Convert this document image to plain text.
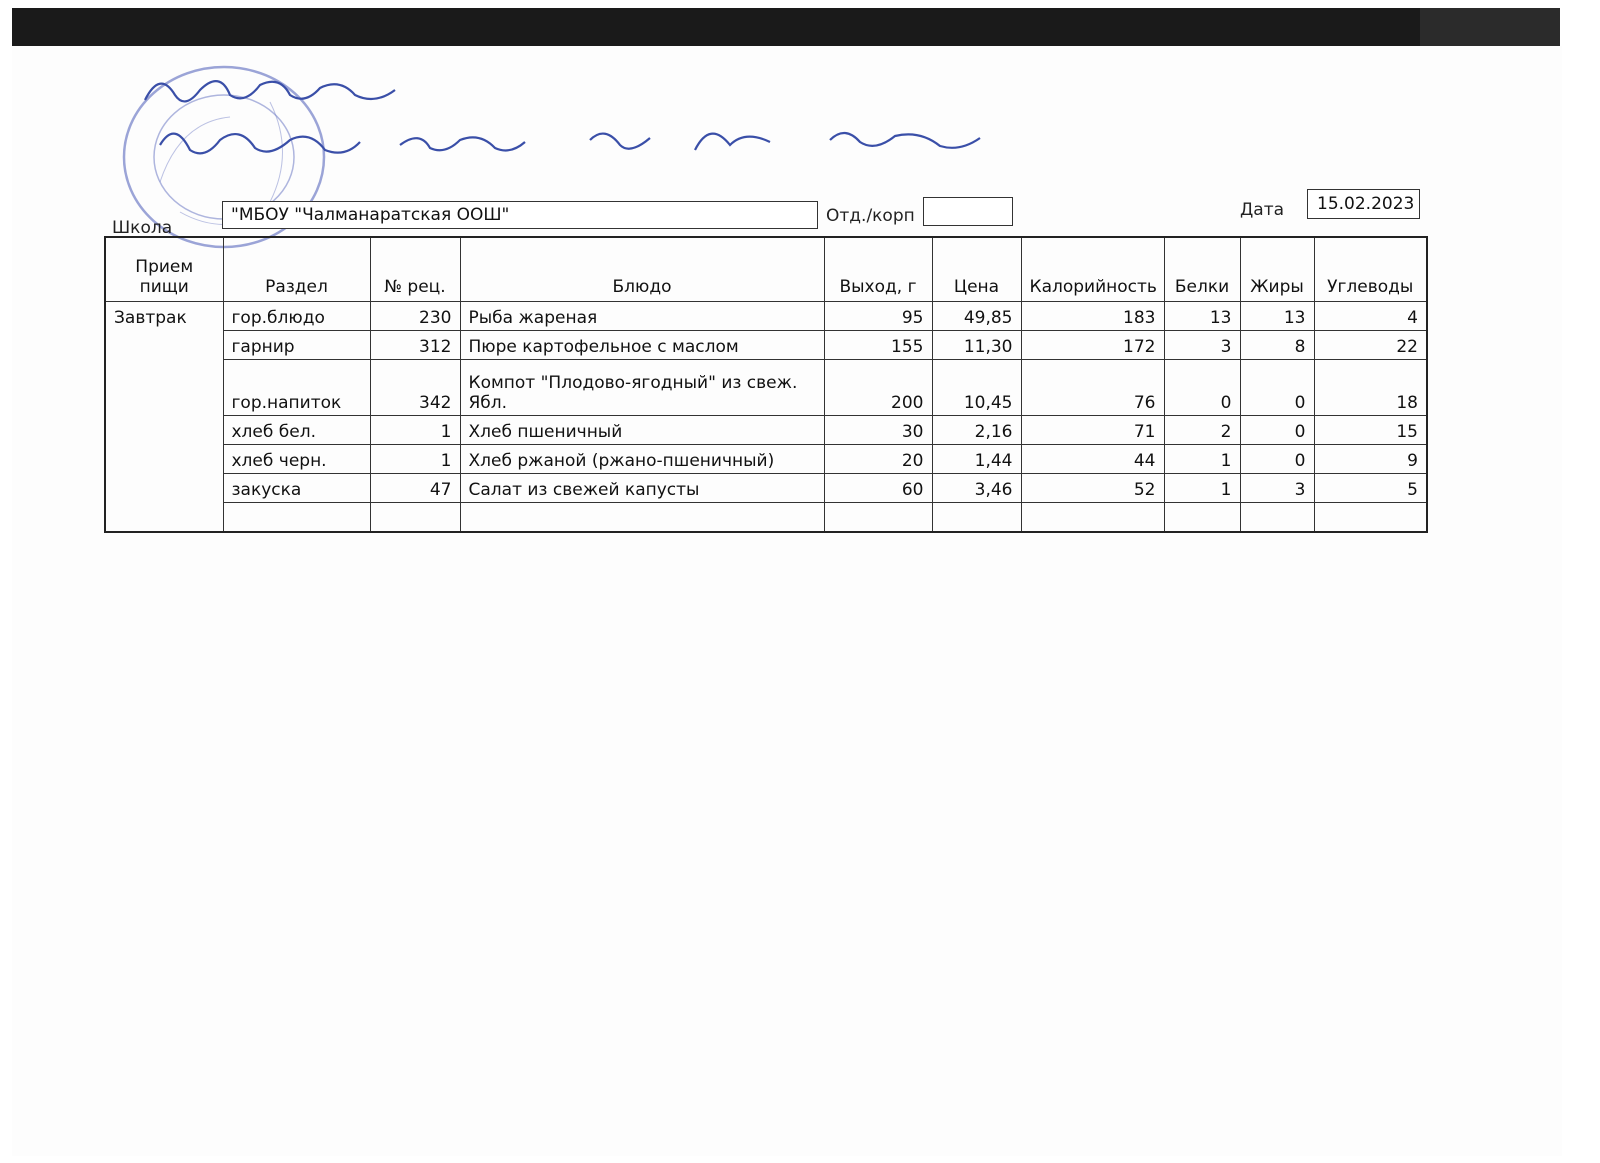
Школа
"МБОУ "Чалманаратская ООШ"	Отд./корп	Дата	15.02.2023
Прием пищи	Раздел	№ рец.	Блюдо	Выход, г	Цена	Калорийность	Белки	Жиры	Углеводы
Завтрак	гор.блюдо	230	Рыба жареная	95	49,85	183	13	13	4
	гарнир	312	Пюре картофельное с маслом	155	11,30	172	3	8	22
	гор.напиток	342	Компот "Плодово-ягодный" из свеж. Ябл.	200	10,45	76	0	0	18
	хлеб бел.	1	Хлеб пшеничный	30	2,16	71	2	0	15
	хлеб черн.	1	Хлеб ржаной (ржано-пшеничный)	20	1,44	44	1	0	9
	закуска	47	Салат из свежей капусты	60	3,46	52	1	3	5
